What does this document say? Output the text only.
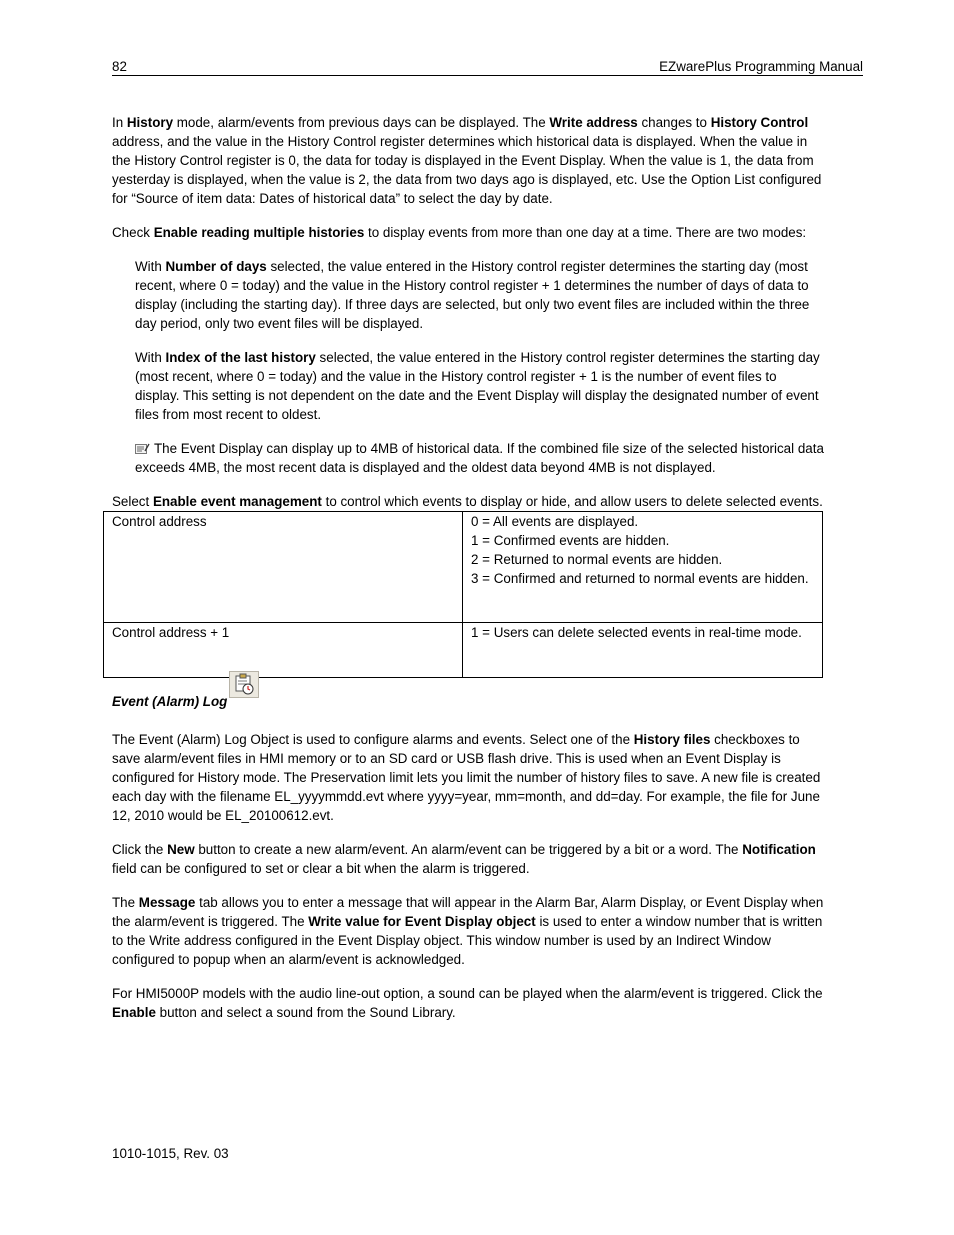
82	EZwarePlus Programming Manual

In History mode, alarm/events from previous days can be displayed. The Write address changes to History Control address, and the value in the History Control register determines which historical data is displayed. When the value in the History Control register is 0, the data for today is displayed in the Event Display. When the value is 1, the data from yesterday is displayed, when the value is 2, the data from two days ago is displayed, etc. Use the Option List configured for “Source of item data: Dates of historical data” to select the day by date.

Check Enable reading multiple histories to display events from more than one day at a time. There are two modes:

With Number of days selected, the value entered in the History control register determines the starting day (most recent, where 0 = today) and the value in the History control register + 1 determines the number of days of data to display (including the starting day). If three days are selected, but only two event files are included within the three day period, only two event files will be displayed.

With Index of the last history selected, the value entered in the History control register determines the starting day (most recent, where 0 = today) and the value in the History control register + 1 is the number of event files to display. This setting is not dependent on the date and the Event Display will display the designated number of event files from most recent to oldest.

The Event Display can display up to 4MB of historical data. If the combined file size of the selected historical data exceeds 4MB, the most recent data is displayed and the oldest data beyond 4MB is not displayed.

Select Enable event management to control which events to display or hide, and allow users to delete selected events.

Control address	0 = All events are displayed.
1 = Confirmed events are hidden.
2 = Returned to normal events are hidden.
3 = Confirmed and returned to normal events are hidden.

Control address + 1	1 = Users can delete selected events in real-time mode.
Event (Alarm) Log

The Event (Alarm) Log Object is used to configure alarms and events. Select one of the History files checkboxes to save alarm/event files in HMI memory or to an SD card or USB flash drive. This is used when an Event Display is configured for History mode. The Preservation limit lets you limit the number of history files to save. A new file is created each day with the filename EL_yyyymmdd.evt where yyyy=year, mm=month, and dd=day. For example, the file for June 12, 2010 would be EL_20100612.evt.

Click the New button to create a new alarm/event. An alarm/event can be triggered by a bit or a word. The Notification field can be configured to set or clear a bit when the alarm is triggered.

The Message tab allows you to enter a message that will appear in the Alarm Bar, Alarm Display, or Event Display when the alarm/event is triggered. The Write value for Event Display object is used to enter a window number that is written to the Write address configured in the Event Display object. This window number is used by an Indirect Window configured to popup when an alarm/event is acknowledged.

For HMI5000P models with the audio line-out option, a sound can be played when the alarm/event is triggered. Click the Enable button and select a sound from the Sound Library.

1010-1015, Rev. 03
